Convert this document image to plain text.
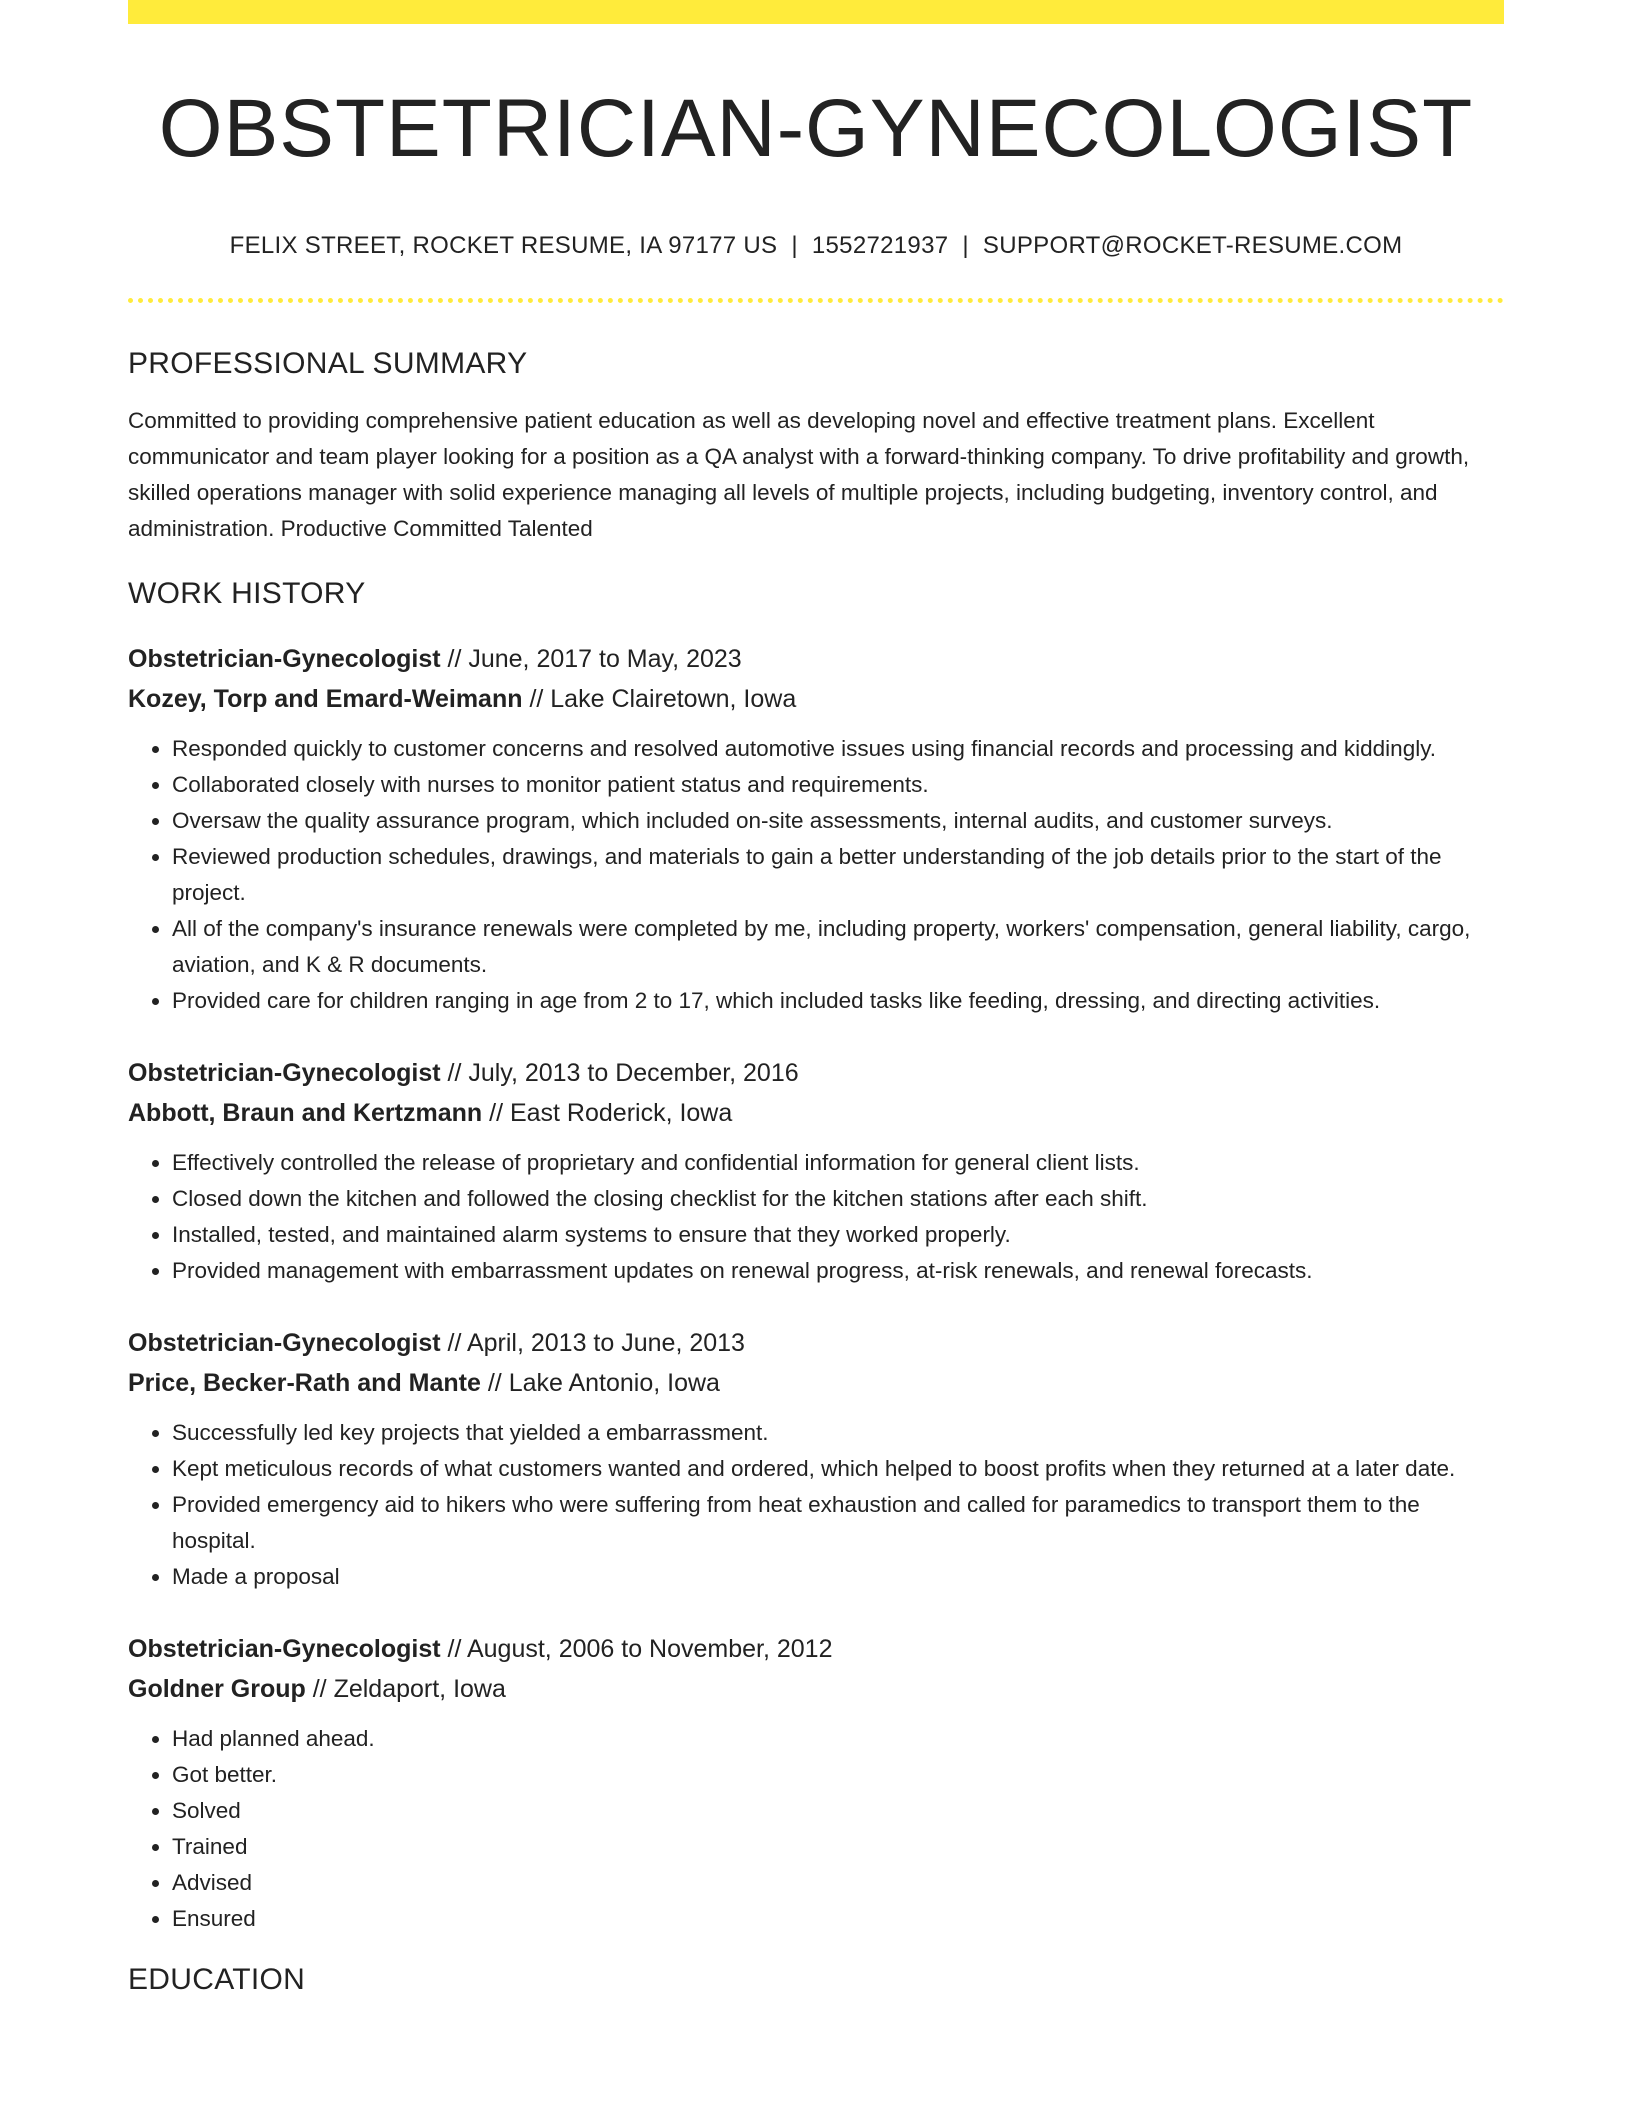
OBSTETRICIAN-GYNECOLOGIST
FELIX STREET, ROCKET RESUME, IA 97177 US | 1552721937 | SUPPORT@ROCKET-RESUME.COM
PROFESSIONAL SUMMARY
Committed to providing comprehensive patient education as well as developing novel and effective treatment plans. Excellent communicator and team player looking for a position as a QA analyst with a forward-thinking company. To drive profitability and growth, skilled operations manager with solid experience managing all levels of multiple projects, including budgeting, inventory control, and administration. Productive Committed Talented
WORK HISTORY
Obstetrician-Gynecologist // June, 2017 to May, 2023
Kozey, Torp and Emard-Weimann // Lake Clairetown, Iowa
• Responded quickly to customer concerns and resolved automotive issues using financial records and processing and kiddingly.
• Collaborated closely with nurses to monitor patient status and requirements.
• Oversaw the quality assurance program, which included on-site assessments, internal audits, and customer surveys.
• Reviewed production schedules, drawings, and materials to gain a better understanding of the job details prior to the start of the project.
• All of the company's insurance renewals were completed by me, including property, workers' compensation, general liability, cargo, aviation, and K & R documents.
• Provided care for children ranging in age from 2 to 17, which included tasks like feeding, dressing, and directing activities.
Obstetrician-Gynecologist // July, 2013 to December, 2016
Abbott, Braun and Kertzmann // East Roderick, Iowa
• Effectively controlled the release of proprietary and confidential information for general client lists.
• Closed down the kitchen and followed the closing checklist for the kitchen stations after each shift.
• Installed, tested, and maintained alarm systems to ensure that they worked properly.
• Provided management with embarrassment updates on renewal progress, at-risk renewals, and renewal forecasts.
Obstetrician-Gynecologist // April, 2013 to June, 2013
Price, Becker-Rath and Mante // Lake Antonio, Iowa
• Successfully led key projects that yielded a embarrassment.
• Kept meticulous records of what customers wanted and ordered, which helped to boost profits when they returned at a later date.
• Provided emergency aid to hikers who were suffering from heat exhaustion and called for paramedics to transport them to the hospital.
• Made a proposal
Obstetrician-Gynecologist // August, 2006 to November, 2012
Goldner Group // Zeldaport, Iowa
• Had planned ahead.
• Got better.
• Solved
• Trained
• Advised
• Ensured
EDUCATION
